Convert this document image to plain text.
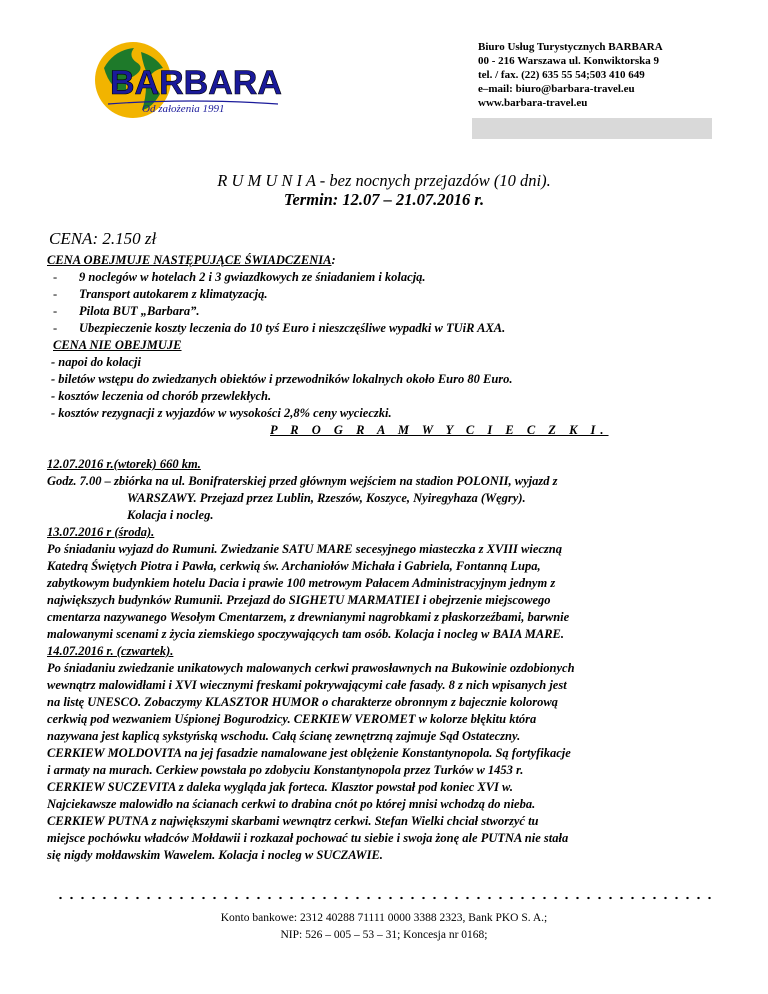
BARBARA
Od założenia 1991
Biuro Usług Turystycznych BARBARA
00 - 216 Warszawa ul. Konwiktorska 9
tel. / fax. (22) 635 55 54;503 410 649
e–mail: biuro@barbara-travel.eu
www.barbara-travel.eu
R U M U N I A - bez nocnych przejazdów (10 dni).
Termin: 12.07 – 21.07.2016 r.
CENA: 2.150 zł
CENA OBEJMUJE NASTĘPUJĄCE ŚWIADCZENIA:
-	9 noclegów w hotelach 2 i 3 gwiazdkowych ze śniadaniem i kolacją.
-	Transport autokarem z klimatyzacją.
-	Pilota BUT „Barbara”.
-	Ubezpieczenie koszty leczenia do 10 tyś Euro i nieszczęśliwe wypadki w TUiR AXA.
CENA NIE OBEJMUJE
- napoi do kolacji
- biletów wstępu do zwiedzanych obiektów i przewodników lokalnych około Euro 80 Euro.
- kosztów leczenia od chorób przewlekłych.
- kosztów rezygnacji z wyjazdów w wysokości 2,8% ceny wycieczki.
P R O G R A M W Y C I E C Z K I.
12.07.2016 r.(wtorek) 660 km.
Godz. 7.00 – zbiórka na ul. Bonifraterskiej przed głównym wejściem na stadion POLONII, wyjazd z
WARSZAWY. Przejazd przez Lublin, Rzeszów, Koszyce, Nyiregyhaza (Węgry).
Kolacja i nocleg.
13.07.2016 r (środa).
Po śniadaniu wyjazd do Rumuni. Zwiedzanie SATU MARE secesyjnego miasteczka z XVIII wieczną
Katedrą Świętych Piotra i Pawła, cerkwią św. Archaniołów Michała i Gabriela, Fontanną Lupa,
zabytkowym budynkiem hotelu Dacia i prawie 100 metrowym Pałacem Administracyjnym jednym z
największych budynków Rumunii. Przejazd do SIGHETU MARMATIEI i obejrzenie miejscowego
cmentarza nazywanego Wesołym Cmentarzem, z drewnianymi nagrobkami z płaskorzeźbami, barwnie
malowanymi scenami z życia ziemskiego spoczywających tam osób. Kolacja i nocleg w BAIA MARE.
14.07.2016 r. (czwartek).
Po śniadaniu zwiedzanie unikatowych malowanych cerkwi prawosławnych na Bukowinie ozdobionych
wewnątrz malowidłami i XVI wiecznymi freskami pokrywającymi całe fasady. 8 z nich wpisanych jest
na listę UNESCO. Zobaczymy KLASZTOR HUMOR o charakterze obronnym z bajecznie kolorową
cerkwią pod wezwaniem Uśpionej Bogurodzicy. CERKIEW VEROMET w kolorze błękitu która
nazywana jest kaplicą sykstyńską wschodu. Całą ścianę zewnętrzną zajmuje Sąd Ostateczny.
CERKIEW MOLDOVITA na jej fasadzie namalowane jest oblężenie Konstantynopola. Są fortyfikacje
i armaty na murach. Cerkiew powstała po zdobyciu Konstantynopola przez Turków w 1453 r.
CERKIEW SUCZEVITA z daleka wygląda jak forteca. Klasztor powstał pod koniec XVI w.
Najciekawsze malowidło na ścianach cerkwi to drabina cnót po której mnisi wchodzą do nieba.
CERKIEW PUTNA z największymi skarbami wewnątrz cerkwi. Stefan Wielki chciał stworzyć tu
miejsce pochówku władców Mołdawii i rozkazał pochować tu siebie i swoja żonę ale PUTNA nie stała
się nigdy mołdawskim Wawelem. Kolacja i nocleg w SUCZAWIE.
Konto bankowe: 2312 40288 71111 0000 3388 2323, Bank PKO S. A.;
NIP: 526 – 005 – 53 – 31; Koncesja nr 0168;
